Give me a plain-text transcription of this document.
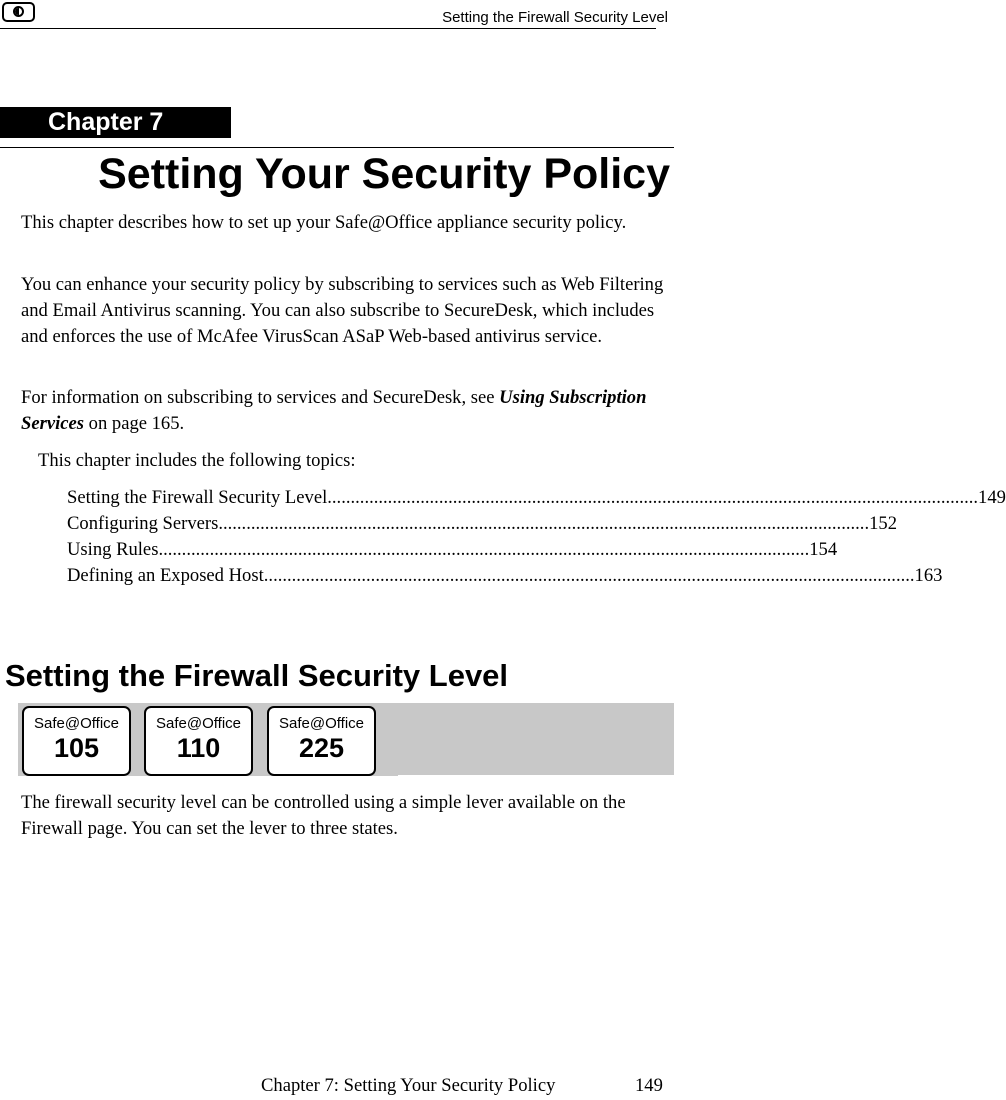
Setting the Firewall Security Level
Chapter 7
Setting Your Security Policy
This chapter describes how to set up your Safe@Office appliance security policy.
You can enhance your security policy by subscribing to services such as Web Filtering and Email Antivirus scanning. You can also subscribe to SecureDesk, which includes and enforces the use of McAfee VirusScan ASaP Web-based antivirus service.
For information on subscribing to services and SecureDesk, see Using Subscription Services on page 165.
This chapter includes the following topics:
Setting the Firewall Security Level ............................................................................................................................................ 149
Configuring Servers ............................................................................................................................................ 152
Using Rules ............................................................................................................................................ 154
Defining an Exposed Host ............................................................................................................................................ 163
Setting the Firewall Security Level
Safe@Office
105
Safe@Office
110
Safe@Office
225
The firewall security level can be controlled using a simple lever available on the Firewall page. You can set the lever to three states.
Chapter 7: Setting Your Security Policy	149
